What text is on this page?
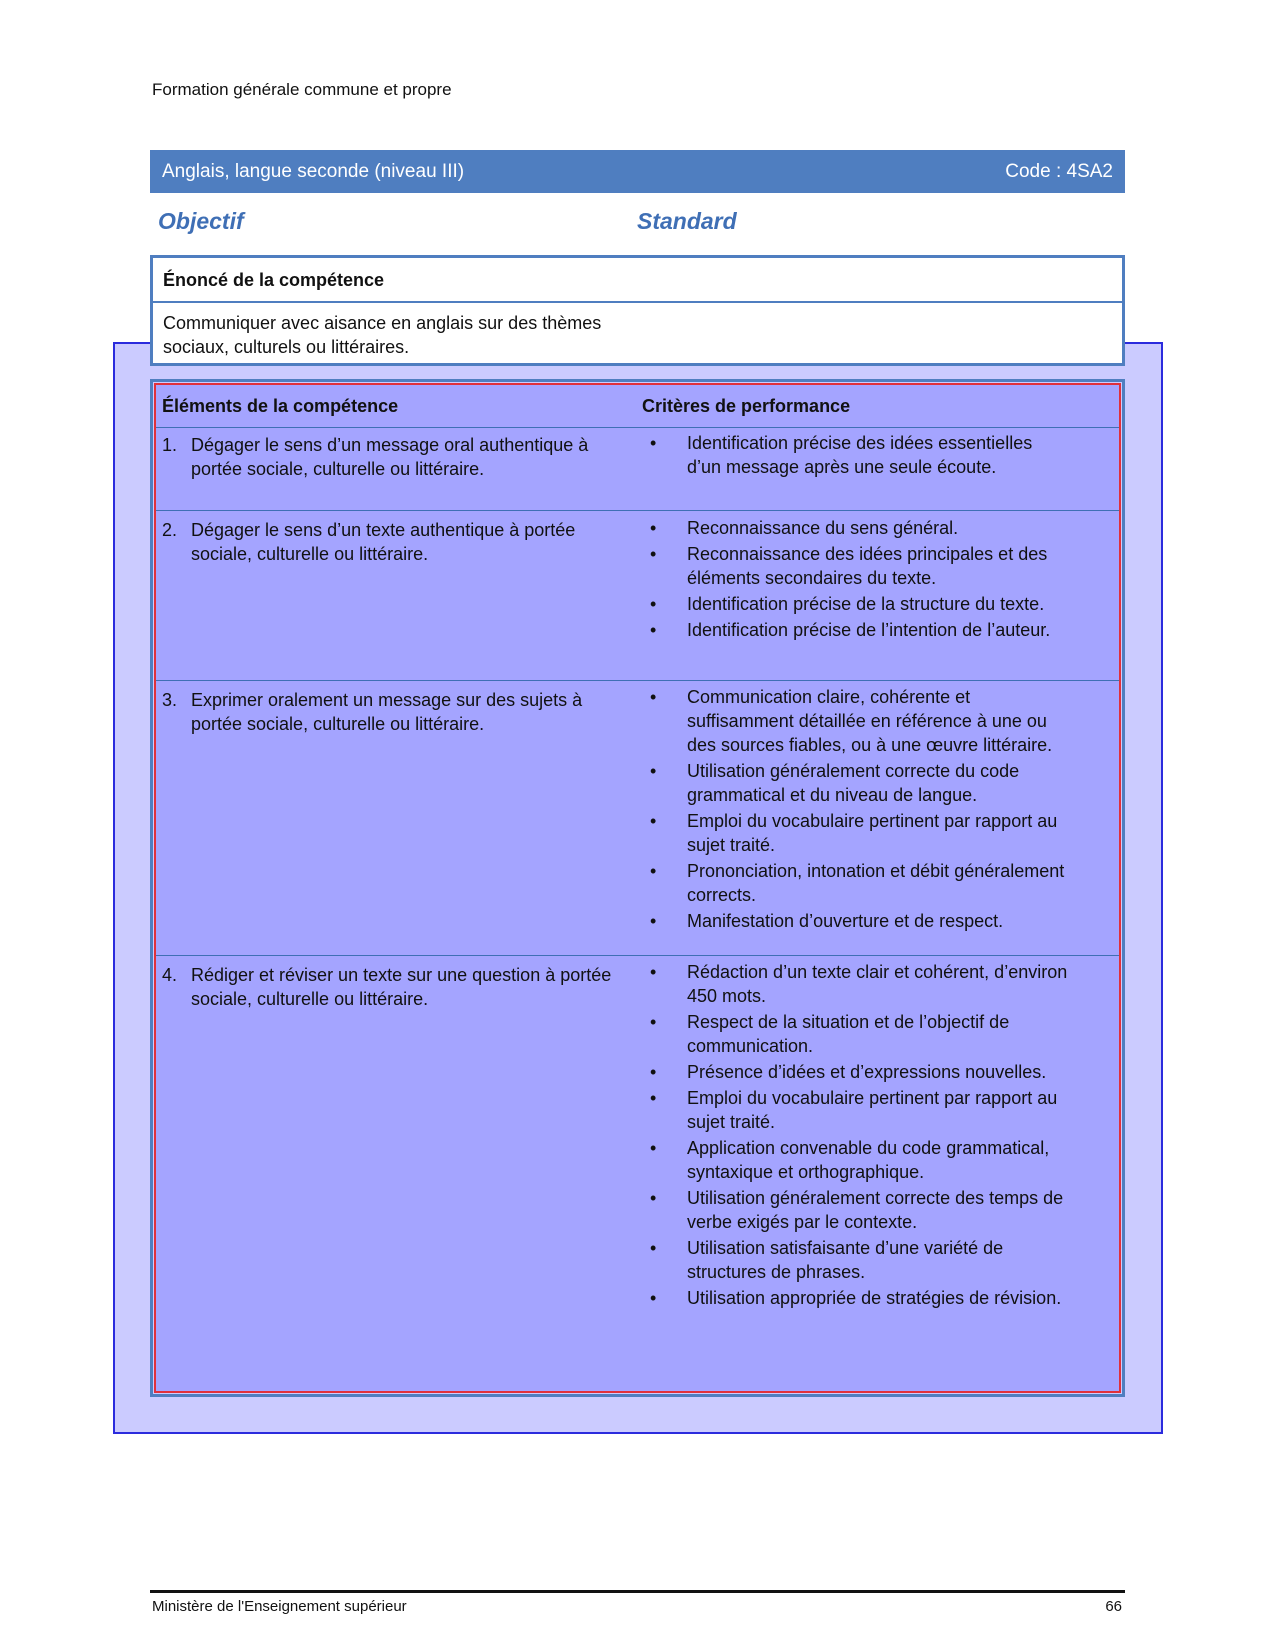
Formation générale commune et propre
Anglais, langue seconde (niveau III)	Code : 4SA2
Objectif	Standard
Énoncé de la compétence
Communiquer avec aisance en anglais sur des thèmes sociaux, culturels ou littéraires.
Éléments de la compétence	Critères de performance
1. Dégager le sens d’un message oral authentique à portée sociale, culturelle ou littéraire.
• Identification précise des idées essentielles d’un message après une seule écoute.
2. Dégager le sens d’un texte authentique à portée sociale, culturelle ou littéraire.
• Reconnaissance du sens général.
• Reconnaissance des idées principales et des éléments secondaires du texte.
• Identification précise de la structure du texte.
• Identification précise de l’intention de l’auteur.
3. Exprimer oralement un message sur des sujets à portée sociale, culturelle ou littéraire.
• Communication claire, cohérente et suffisamment détaillée en référence à une ou des sources fiables, ou à une œuvre littéraire.
• Utilisation généralement correcte du code grammatical et du niveau de langue.
• Emploi du vocabulaire pertinent par rapport au sujet traité.
• Prononciation, intonation et débit généralement corrects.
• Manifestation d’ouverture et de respect.
4. Rédiger et réviser un texte sur une question à portée sociale, culturelle ou littéraire.
• Rédaction d’un texte clair et cohérent, d’environ 450 mots.
• Respect de la situation et de l’objectif de communication.
• Présence d’idées et d’expressions nouvelles.
• Emploi du vocabulaire pertinent par rapport au sujet traité.
• Application convenable du code grammatical, syntaxique et orthographique.
• Utilisation généralement correcte des temps de verbe exigés par le contexte.
• Utilisation satisfaisante d’une variété de structures de phrases.
• Utilisation appropriée de stratégies de révision.
Ministère de l'Enseignement supérieur	66
